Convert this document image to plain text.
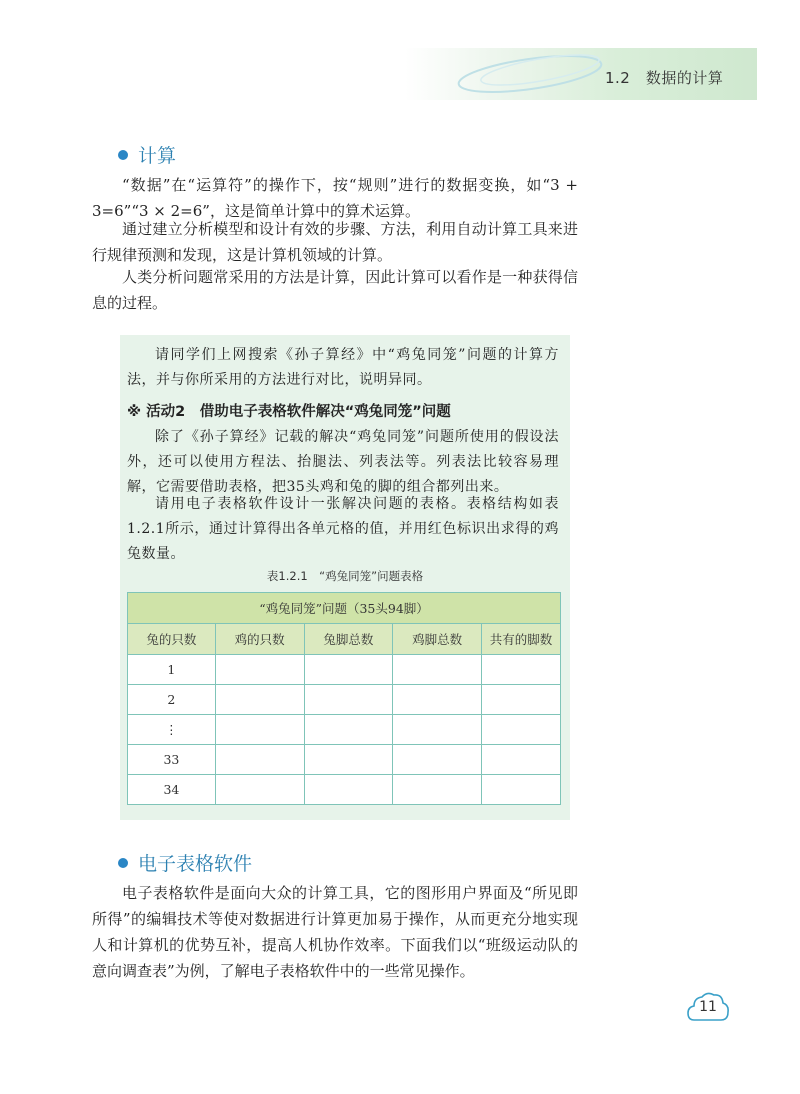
1.2　数据的计算
计算

“数据”在“运算符”的操作下，按“规则”进行的数据变换，如“3 + 3=6”“3 × 2=6”，这是简单计算中的算术运算。

通过建立分析模型和设计有效的步骤、方法，利用自动计算工具来进行规律预测和发现，这是计算机领域的计算。

人类分析问题常采用的方法是计算，因此计算可以看作是一种获得信息的过程。

请同学们上网搜索《孙子算经》中“鸡兔同笼”问题的计算方法，并与你所采用的方法进行对比，说明异同。

※ 活动2　借助电子表格软件解决“鸡兔同笼”问题

除了《孙子算经》记载的解决“鸡兔同笼”问题所使用的假设法外，还可以使用方程法、抬腿法、列表法等。列表法比较容易理解，它需要借助表格，把35头鸡和兔的脚的组合都列出来。

请用电子表格软件设计一张解决问题的表格。表格结构如表1.2.1所示，通过计算得出各单元格的值，并用红色标识出求得的鸡兔数量。

表1.2.1　“鸡兔同笼”问题表格
“鸡兔同笼”问题（35头94脚）				
兔的只数	鸡的只数	兔脚总数	鸡脚总数	共有的脚数
1				
2				
⋮				
33				
34				
电子表格软件

电子表格软件是面向大众的计算工具，它的图形用户界面及“所见即所得”的编辑技术等使对数据进行计算更加易于操作，从而更充分地实现人和计算机的优势互补，提高人机协作效率。下面我们以“班级运动队的意向调查表”为例，了解电子表格软件中的一些常见操作。

11
